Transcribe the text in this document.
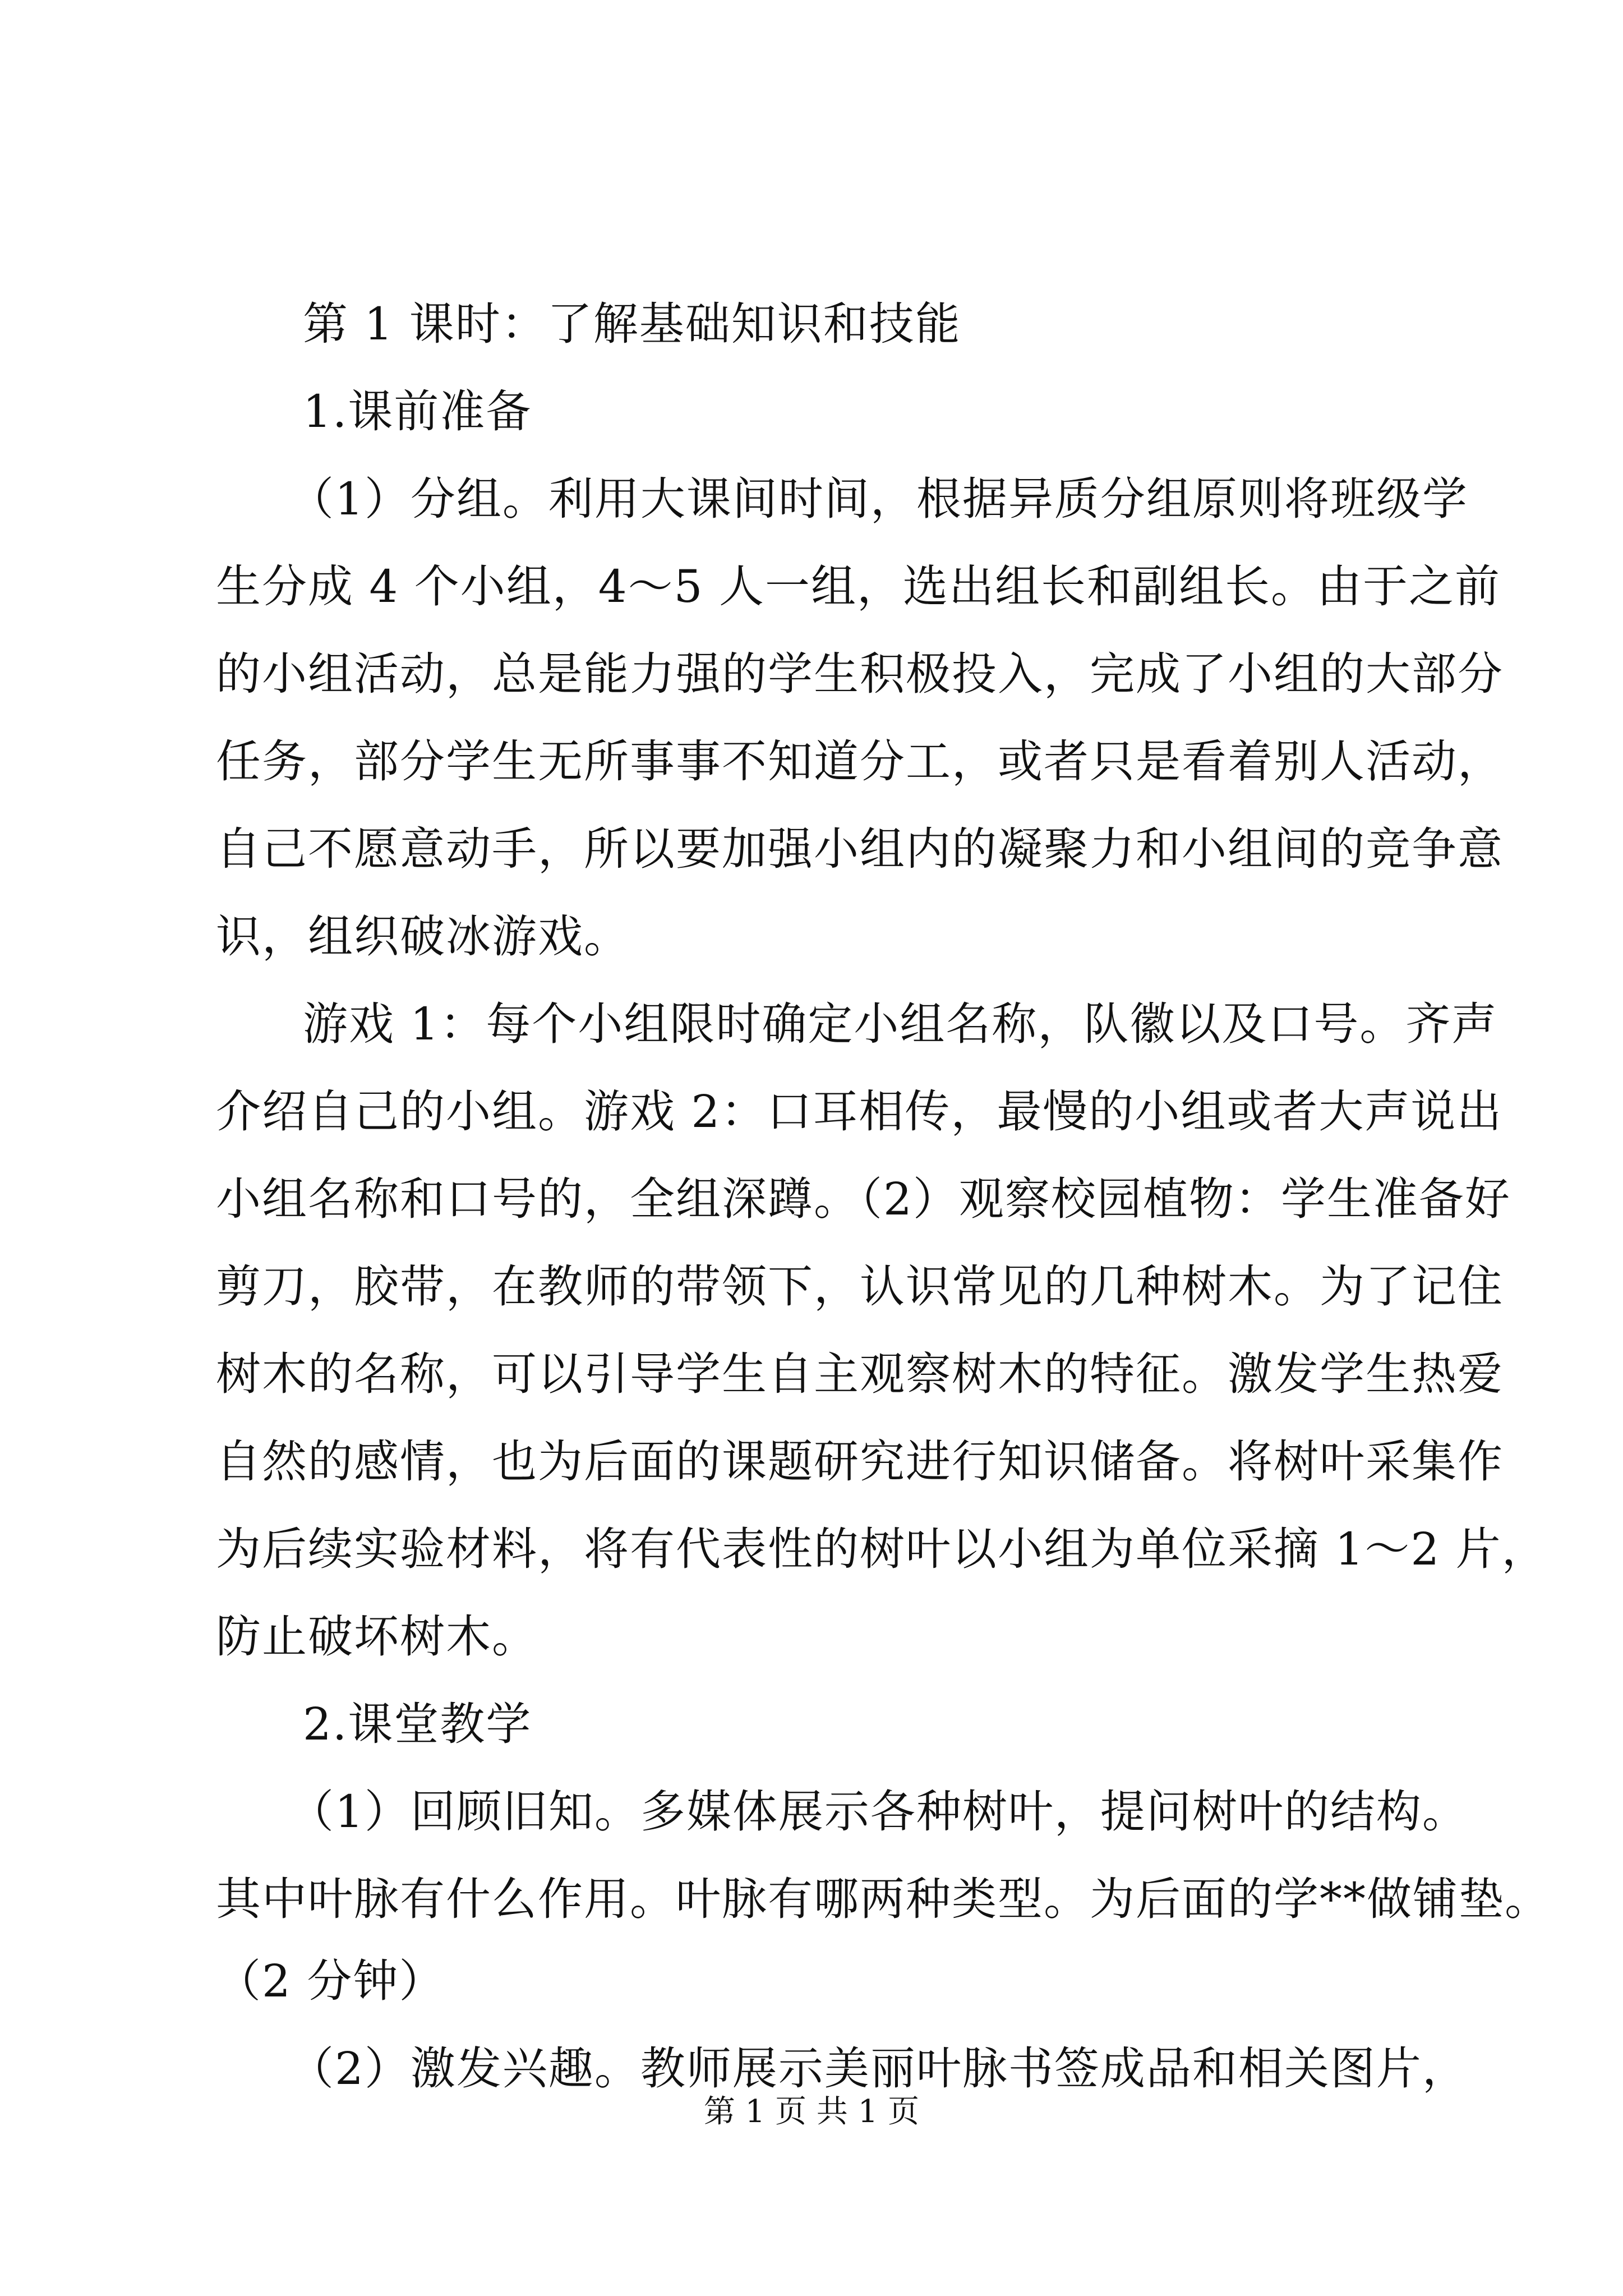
第 1 课时：了解基础知识和技能

1.课前准备

（1）分组。利用大课间时间，根据异质分组原则将班级学

生分成 4 个小组，4～5 人一组，选出组长和副组长。由于之前

的小组活动，总是能力强的学生积极投入，完成了小组的大部分

任务，部分学生无所事事不知道分工，或者只是看着别人活动，

自己不愿意动手，所以要加强小组内的凝聚力和小组间的竞争意

识，组织破冰游戏。

游戏 1：每个小组限时确定小组名称，队徽以及口号。齐声

介绍自己的小组。游戏 2：口耳相传，最慢的小组或者大声说出

小组名称和口号的，全组深蹲。（2）观察校园植物：学生准备好

剪刀，胶带，在教师的带领下，认识常见的几种树木。为了记住

树木的名称，可以引导学生自主观察树木的特征。激发学生热爱

自然的感情，也为后面的课题研究进行知识储备。将树叶采集作

为后续实验材料，将有代表性的树叶以小组为单位采摘 1～2 片，

防止破坏树木。

2.课堂教学

（1）回顾旧知。多媒体展示各种树叶，提问树叶的结构。

其中叶脉有什么作用。叶脉有哪两种类型。为后面的学**做铺垫。

（2 分钟）

（2）激发兴趣。教师展示美丽叶脉书签成品和相关图片，

第 1 页 共 1 页
